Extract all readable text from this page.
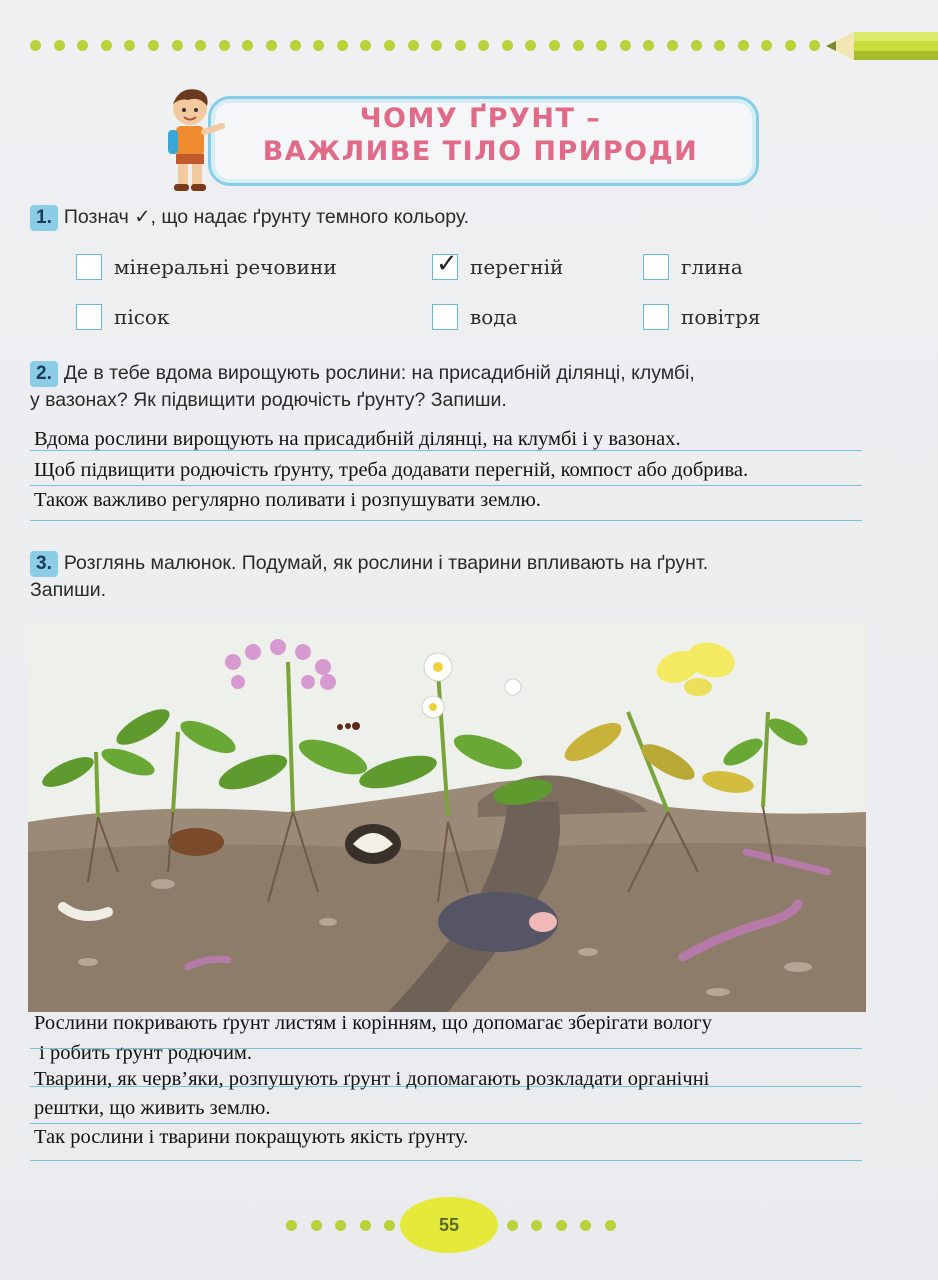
ЧОМУ ҐРУНТ –
ВАЖЛИВЕ ТІЛО ПРИРОДИ
1. Познач ✓, що надає ґрунту темного кольору.
мінеральні речовини	✓ перегній	глина
пісок	вода	повітря
2. Де в тебе вдома вирощують рослини: на присадибній ділянці, клумбі,
у вазонах? Як підвищити родючість ґрунту? Запиши.
Вдома рослини вирощують на присадибній ділянці, на клумбі і у вазонах.
Щоб підвищити родючість ґрунту, треба додавати перегній, компост або добрива.
Також важливо регулярно поливати і розпушувати землю.
3. Розглянь малюнок. Подумай, як рослини і тварини впливають на ґрунт.
Запиши.
Рослини покривають ґрунт листям і корінням, що допомагає зберігати вологу
і робить ґрунт родючим.
Тварини, як черв’яки, розпушують ґрунт і допомагають розкладати органічні
рештки, що живить землю.
Так рослини і тварини покращують якість ґрунту.
55
